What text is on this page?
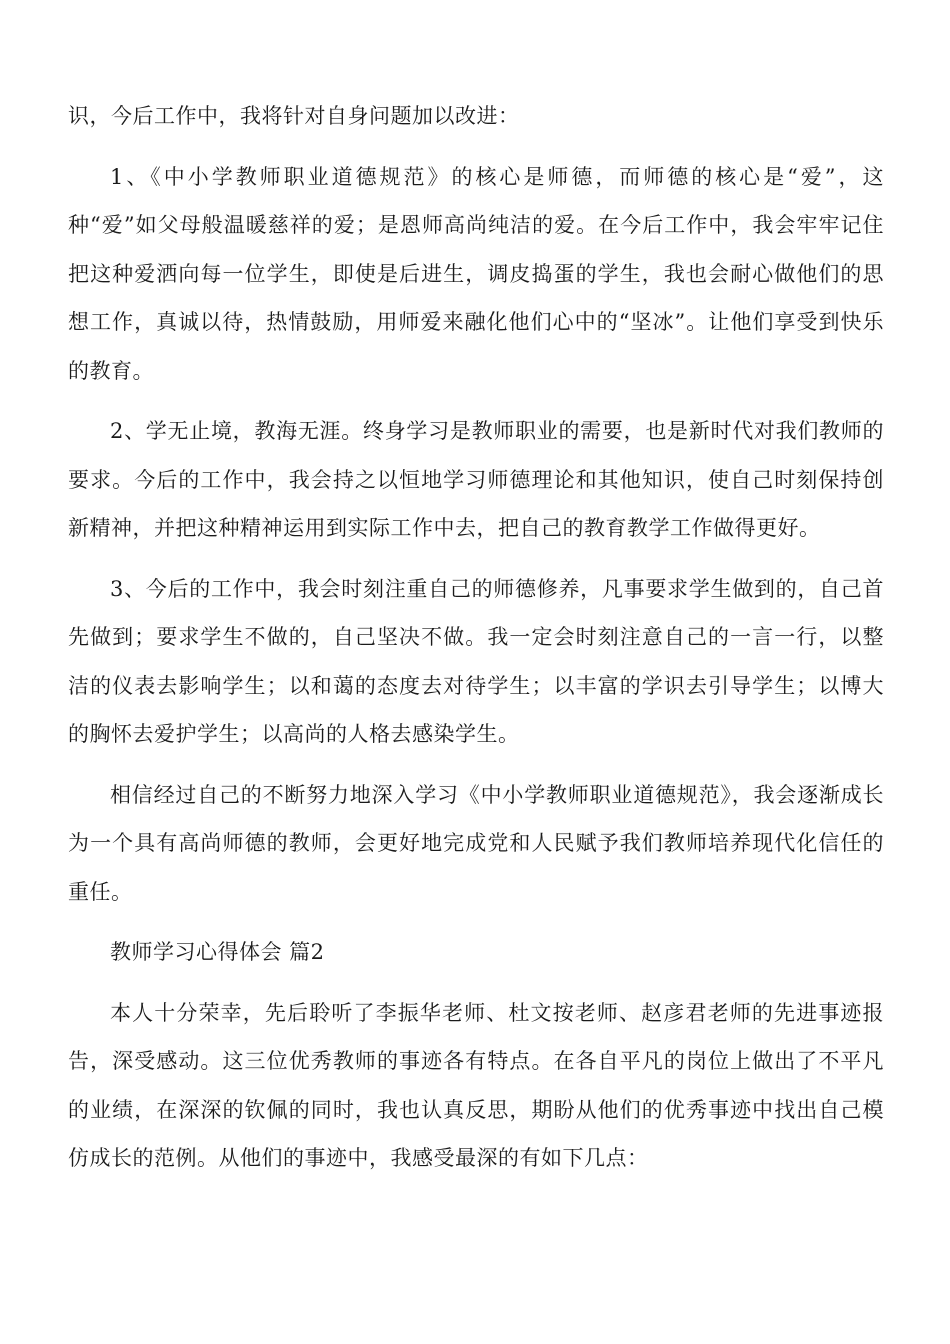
识，今后工作中，我将针对自身问题加以改进：

1、《中小学教师职业道德规范》的核心是师德，而师德的核心是“爱”，这种“爱”如父母般温暖慈祥的爱；是恩师高尚纯洁的爱。在今后工作中，我会牢牢记住把这种爱洒向每一位学生，即使是后进生，调皮捣蛋的学生，我也会耐心做他们的思想工作，真诚以待，热情鼓励，用师爱来融化他们心中的“坚冰”。让他们享受到快乐的教育。

2、学无止境，教海无涯。终身学习是教师职业的需要，也是新时代对我们教师的要求。今后的工作中，我会持之以恒地学习师德理论和其他知识，使自己时刻保持创新精神，并把这种精神运用到实际工作中去，把自己的教育教学工作做得更好。

3、今后的工作中，我会时刻注重自己的师德修养，凡事要求学生做到的，自己首先做到；要求学生不做的，自己坚决不做。我一定会时刻注意自己的一言一行，以整洁的仪表去影响学生；以和蔼的态度去对待学生；以丰富的学识去引导学生；以博大的胸怀去爱护学生；以高尚的人格去感染学生。

相信经过自己的不断努力地深入学习《中小学教师职业道德规范》，我会逐渐成长为一个具有高尚师德的教师，会更好地完成党和人民赋予我们教师培养现代化信任的重任。

教师学习心得体会 篇2

本人十分荣幸，先后聆听了李振华老师、杜文按老师、赵彦君老师的先进事迹报告，深受感动。这三位优秀教师的事迹各有特点。在各自平凡的岗位上做出了不平凡的业绩，在深深的钦佩的同时，我也认真反思，期盼从他们的优秀事迹中找出自己模仿成长的范例。从他们的事迹中，我感受最深的有如下几点：
